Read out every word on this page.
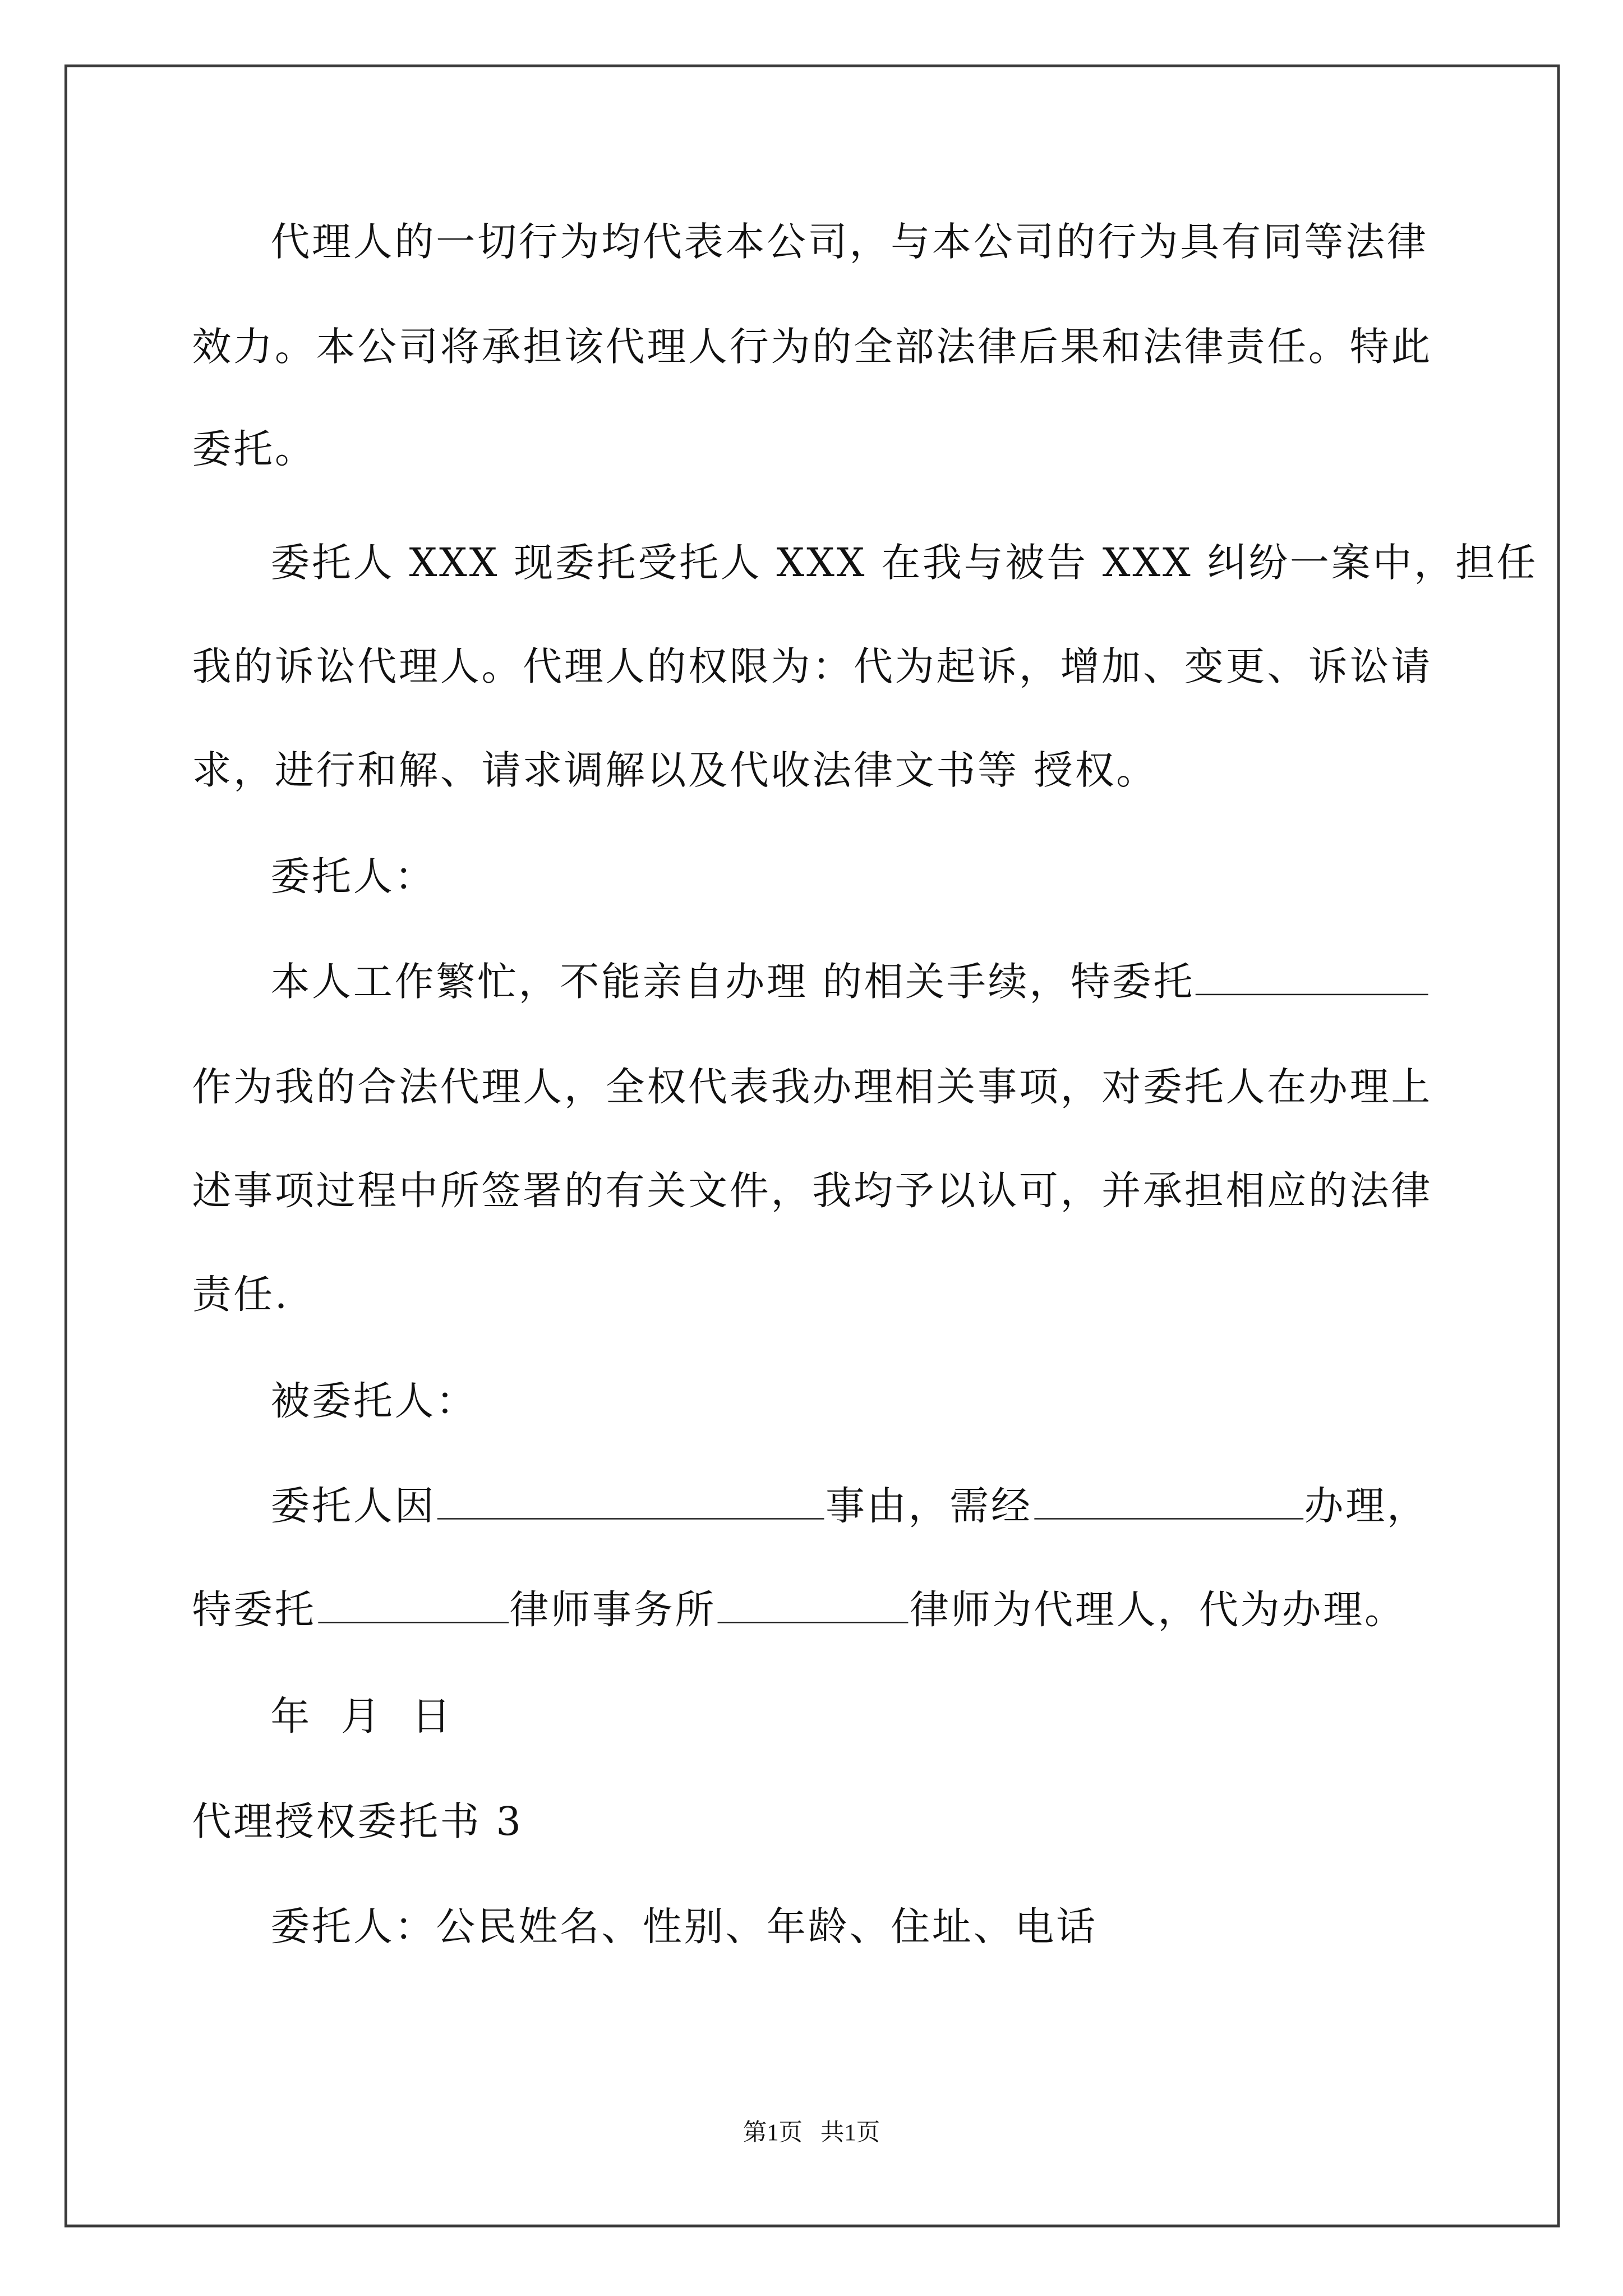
代理人的一切行为均代表本公司，与本公司的行为具有同等法律
效力。本公司将承担该代理人行为的全部法律后果和法律责任。特此
委托。
委托人 XXX 现委托受托人 XXX 在我与被告 XXX 纠纷一案中，担任
我的诉讼代理人。代理人的权限为：代为起诉，增加、变更、诉讼请
求，进行和解、请求调解以及代收法律文书等 授权。
委托人：
本人工作繁忙，不能亲自办理 的相关手续，特委托
作为我的合法代理人，全权代表我办理相关事项，对委托人在办理上
述事项过程中所签署的有关文件，我均予以认可，并承担相应的法律
责任.
被委托人：
委托人因	事由，需经	办理，
特委托	律师事务所	律师为代理人，代为办理。
年  月  日
代理授权委托书 3
委托人：公民姓名、性别、年龄、住址、电话
第1页   共1页
